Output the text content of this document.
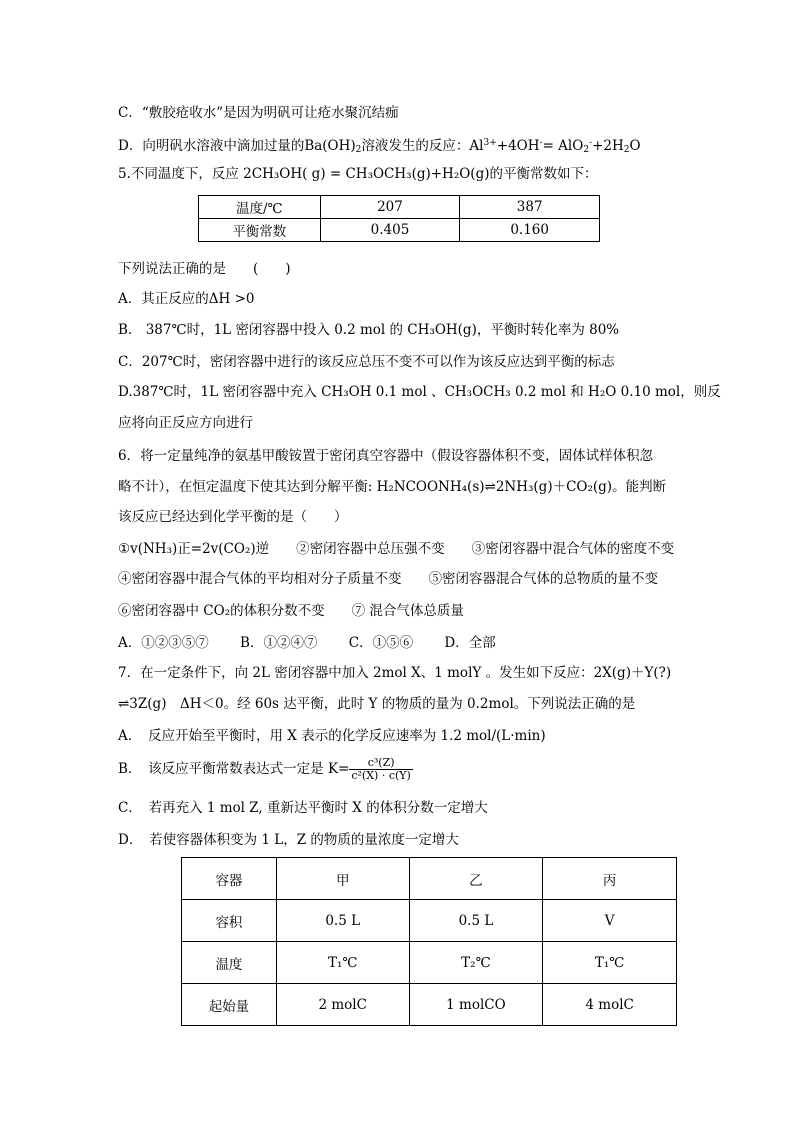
C．“敷胶疮收水”是因为明矾可让疮水聚沉结痂
D．向明矾水溶液中滴加过量的$Ba(OH)_2$溶液发生的反应：$Al^{3+}+4OH^-= AlO_2^-+2H_2O$
5.不同温度下，反应 2CH₃OH( g) = CH₃OCH₃(g)+H₂O(g)的平衡常数如下：
温度/℃	207	387
平衡常数	0.405	0.160
下列说法正确的是　　(　　)
A．其正反应的ΔH >0
B.　387℃时，1L 密闭容器中投入 0.2 mol 的 CH₃OH(g)，平衡时转化率为 80%
C．207℃时，密闭容器中进行的该反应总压不变不可以作为该反应达到平衡的标志
D.387℃时，1L 密闭容器中充入 CH₃OH 0.1 mol 、CH₃OCH₃ 0.2 mol 和 H₂O 0.10 mol，则反
应将向正反应方向进行
6．将一定量纯净的氨基甲酸铵置于密闭真空容器中（假设容器体积不变，固体试样体积忽
略不计），在恒定温度下使其达到分解平衡: H₂NCOONH₄(s)⇌2NH₃(g)＋CO₂(g)。能判断
该反应已经达到化学平衡的是（　　）
①v(NH₃)正=2v(CO₂)逆　　②密闭容器中总压强不变　　③密闭容器中混合气体的密度不变
④密闭容器中混合气体的平均相对分子质量不变　　⑤密闭容器混合气体的总物质的量不变
⑥密闭容器中 CO₂的体积分数不变　　⑦ 混合气体总质量
A．①②③⑤⑦　　 B．①②④⑦　　 C．①⑤⑥　　 D．全部
7．在一定条件下，向 2L 密闭容器中加入 2mol X、1 molY 。发生如下反应：2X(g)＋Y(?)
⇌3Z(g)　ΔH＜0。经 60s 达平衡，此时 Y 的物质的量为 0.2mol。下列说法正确的是
A．　反应开始至平衡时，用 X 表示的化学反应速率为 1.2 mol/(L·min)
B．　该反应平衡常数表达式一定是 $K= \frac{\text{c³(Z)}}{\text{c²(X) · c(Y)}}$
C．　若再充入 1 mol Z, 重新达平衡时 X 的体积分数一定增大
D．　若使容器体积变为 1 L，Z 的物质的量浓度一定增大
容器	甲	乙	丙
容积	0.5 L	0.5 L	V
温度	T₁℃	T₂℃	T₁℃
起始量	2 molC	1 molCO	4 molC
